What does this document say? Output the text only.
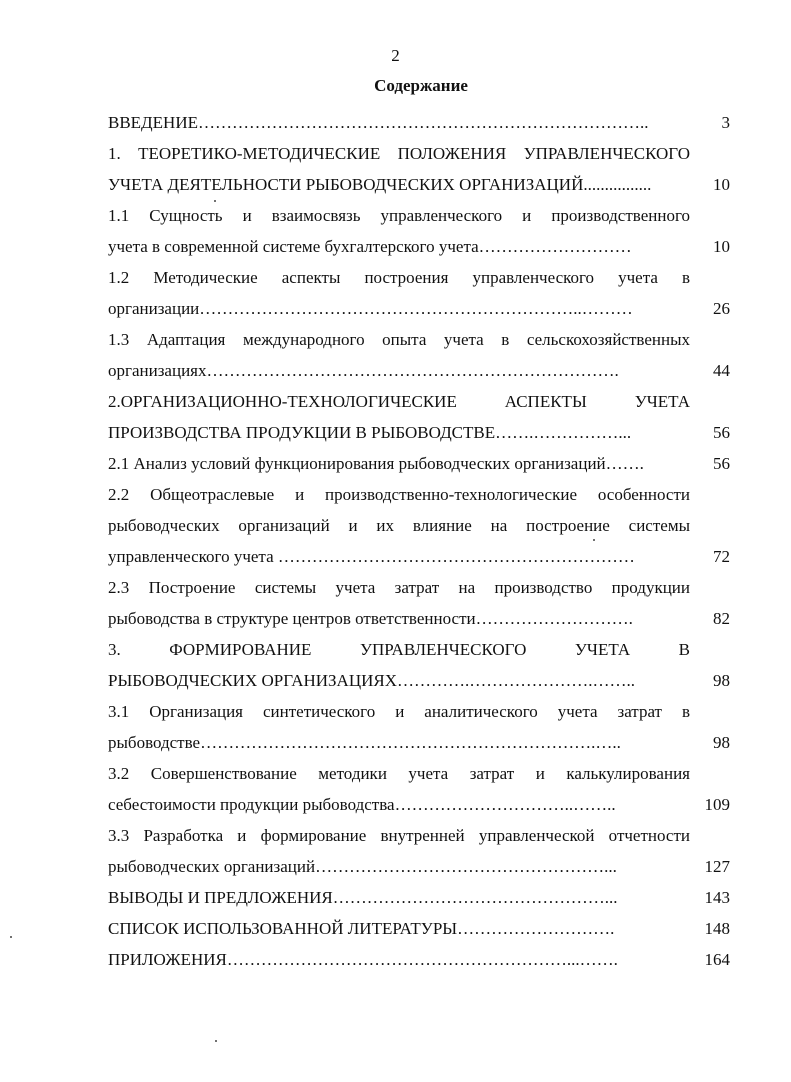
2
Содержание
ВВЕДЕНИЕ……………………………………………………………………..	3
1. ТЕОРЕТИКО-МЕТОДИЧЕСКИЕ ПОЛОЖЕНИЯ УПРАВЛЕНЧЕСКОГО
УЧЕТА ДЕЯТЕЛЬНОСТИ РЫБОВОДЧЕСКИХ ОРГАНИЗАЦИЙ................	10
1.1 Сущность и взаимосвязь управленческого и производственного
учета в современной системе бухгалтерского учета………………………	10
1.2 Методические аспекты построения управленческого учета в
организации…………………………………………………………..………	26
1.3 Адаптация международного опыта учета в сельскохозяйственных
организациях……………………………………………………………….	44
2.ОРГАНИЗАЦИОННО-ТЕХНОЛОГИЧЕСКИЕ АСПЕКТЫ УЧЕТА
ПРОИЗВОДСТВА ПРОДУКЦИИ В РЫБОВОДСТВЕ…….……………...	56
2.1 Анализ условий функционирования рыбоводческих организаций…….	56
2.2 Общеотраслевые и производственно-технологические особенности
рыбоводческих организаций и их влияние на построение системы
управленческого учета ………………………………………………………	72
2.3 Построение системы учета затрат на производство продукции
рыбоводства в структуре центров ответственности……………………….	82
3. ФОРМИРОВАНИЕ УПРАВЛЕНЧЕСКОГО УЧЕТА В
РЫБОВОДЧЕСКИХ ОРГАНИЗАЦИЯХ………….………………….……..	98
3.1 Организация синтетического и аналитического учета затрат в
рыбоводстве…………………………………………………………….…..	98
3.2 Совершенствование методики учета затрат и калькулирования
себестоимости продукции рыбоводства…………………………..……..	109
3.3 Разработка и формирование внутренней управленческой отчетности
рыбоводческих организаций……………………………………………...	127
ВЫВОДЫ И ПРЕДЛОЖЕНИЯ…………………………………………...	143
СПИСОК ИСПОЛЬЗОВАННОЙ ЛИТЕРАТУРЫ……………………….	148
ПРИЛОЖЕНИЯ……………………………………………………...…….	164
